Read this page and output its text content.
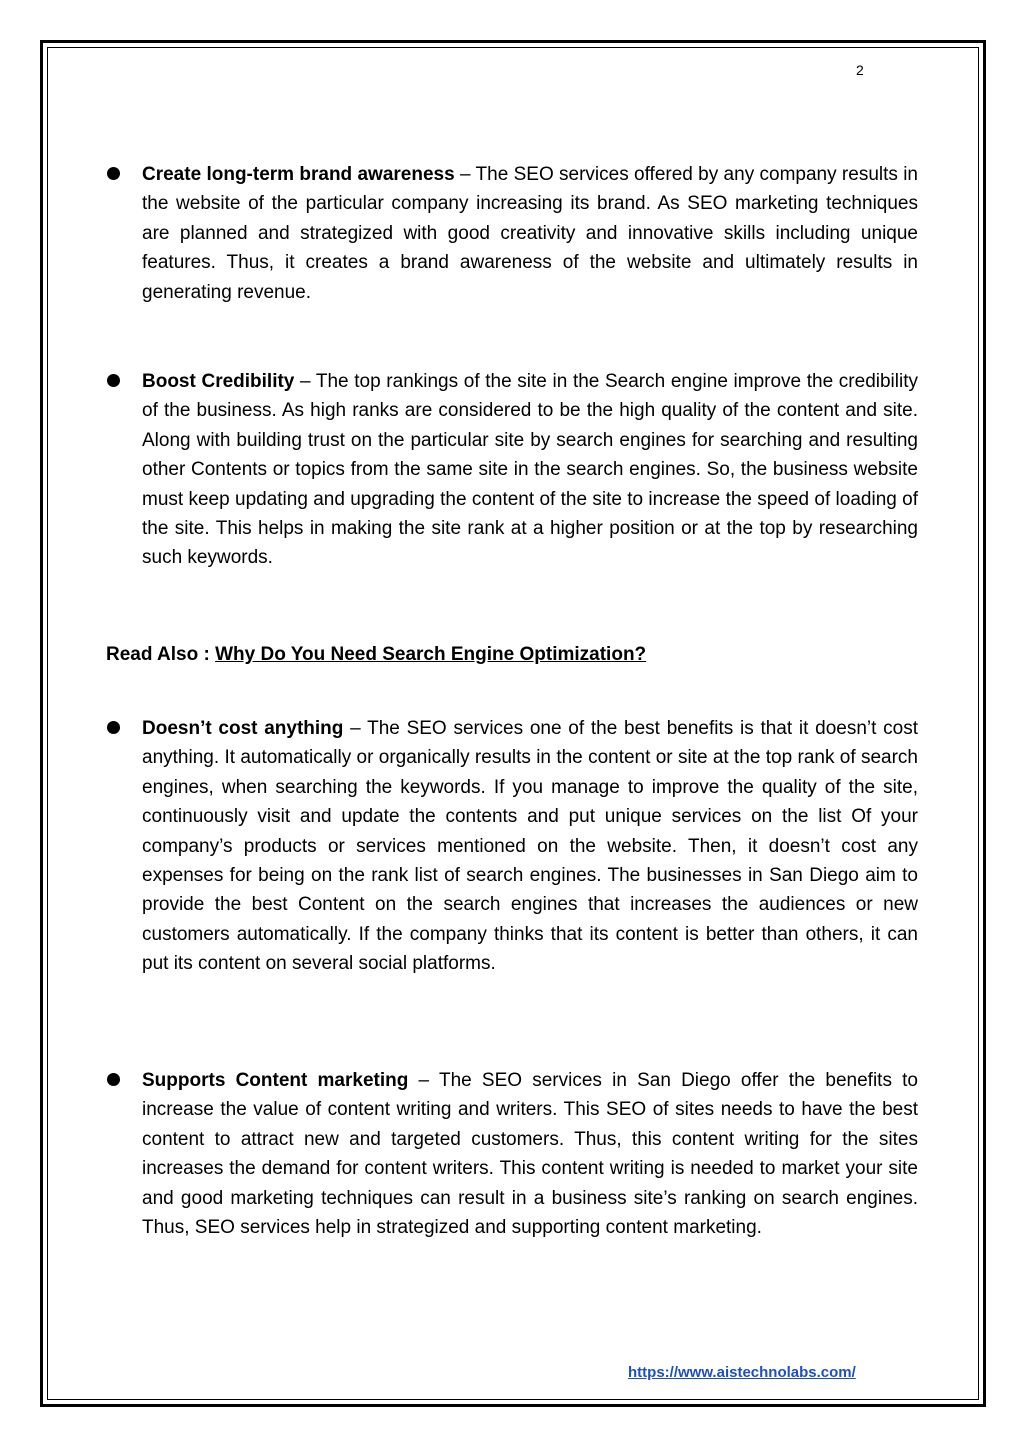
2

Create long-term brand awareness – The SEO services offered by any company results in the website of the particular company increasing its brand. As SEO marketing techniques are planned and strategized with good creativity and innovative skills including unique features. Thus, it creates a brand awareness of the website and ultimately results in generating revenue.

Boost Credibility – The top rankings of the site in the Search engine improve the credibility of the business. As high ranks are considered to be the high quality of the content and site. Along with building trust on the particular site by search engines for searching and resulting other Contents or topics from the same site in the search engines. So, the business website must keep updating and upgrading the content of the site to increase the speed of loading of the site. This helps in making the site rank at a higher position or at the top by researching such keywords.

Read Also : Why Do You Need Search Engine Optimization?

Doesn’t cost anything – The SEO services one of the best benefits is that it doesn’t cost anything. It automatically or organically results in the content or site at the top rank of search engines, when searching the keywords. If you manage to improve the quality of the site, continuously visit and update the contents and put unique services on the list Of your company’s products or services mentioned on the website. Then, it doesn’t cost any expenses for being on the rank list of search engines. The businesses in San Diego aim to provide the best Content on the search engines that increases the audiences or new customers automatically. If the company thinks that its content is better than others, it can put its content on several social platforms.

Supports Content marketing – The SEO services in San Diego offer the benefits to increase the value of content writing and writers. This SEO of sites needs to have the best content to attract new and targeted customers. Thus, this content writing for the sites increases the demand for content writers. This content writing is needed to market your site and good marketing techniques can result in a business site’s ranking on search engines. Thus, SEO services help in strategized and supporting content marketing.

https://www.aistechnolabs.com/
